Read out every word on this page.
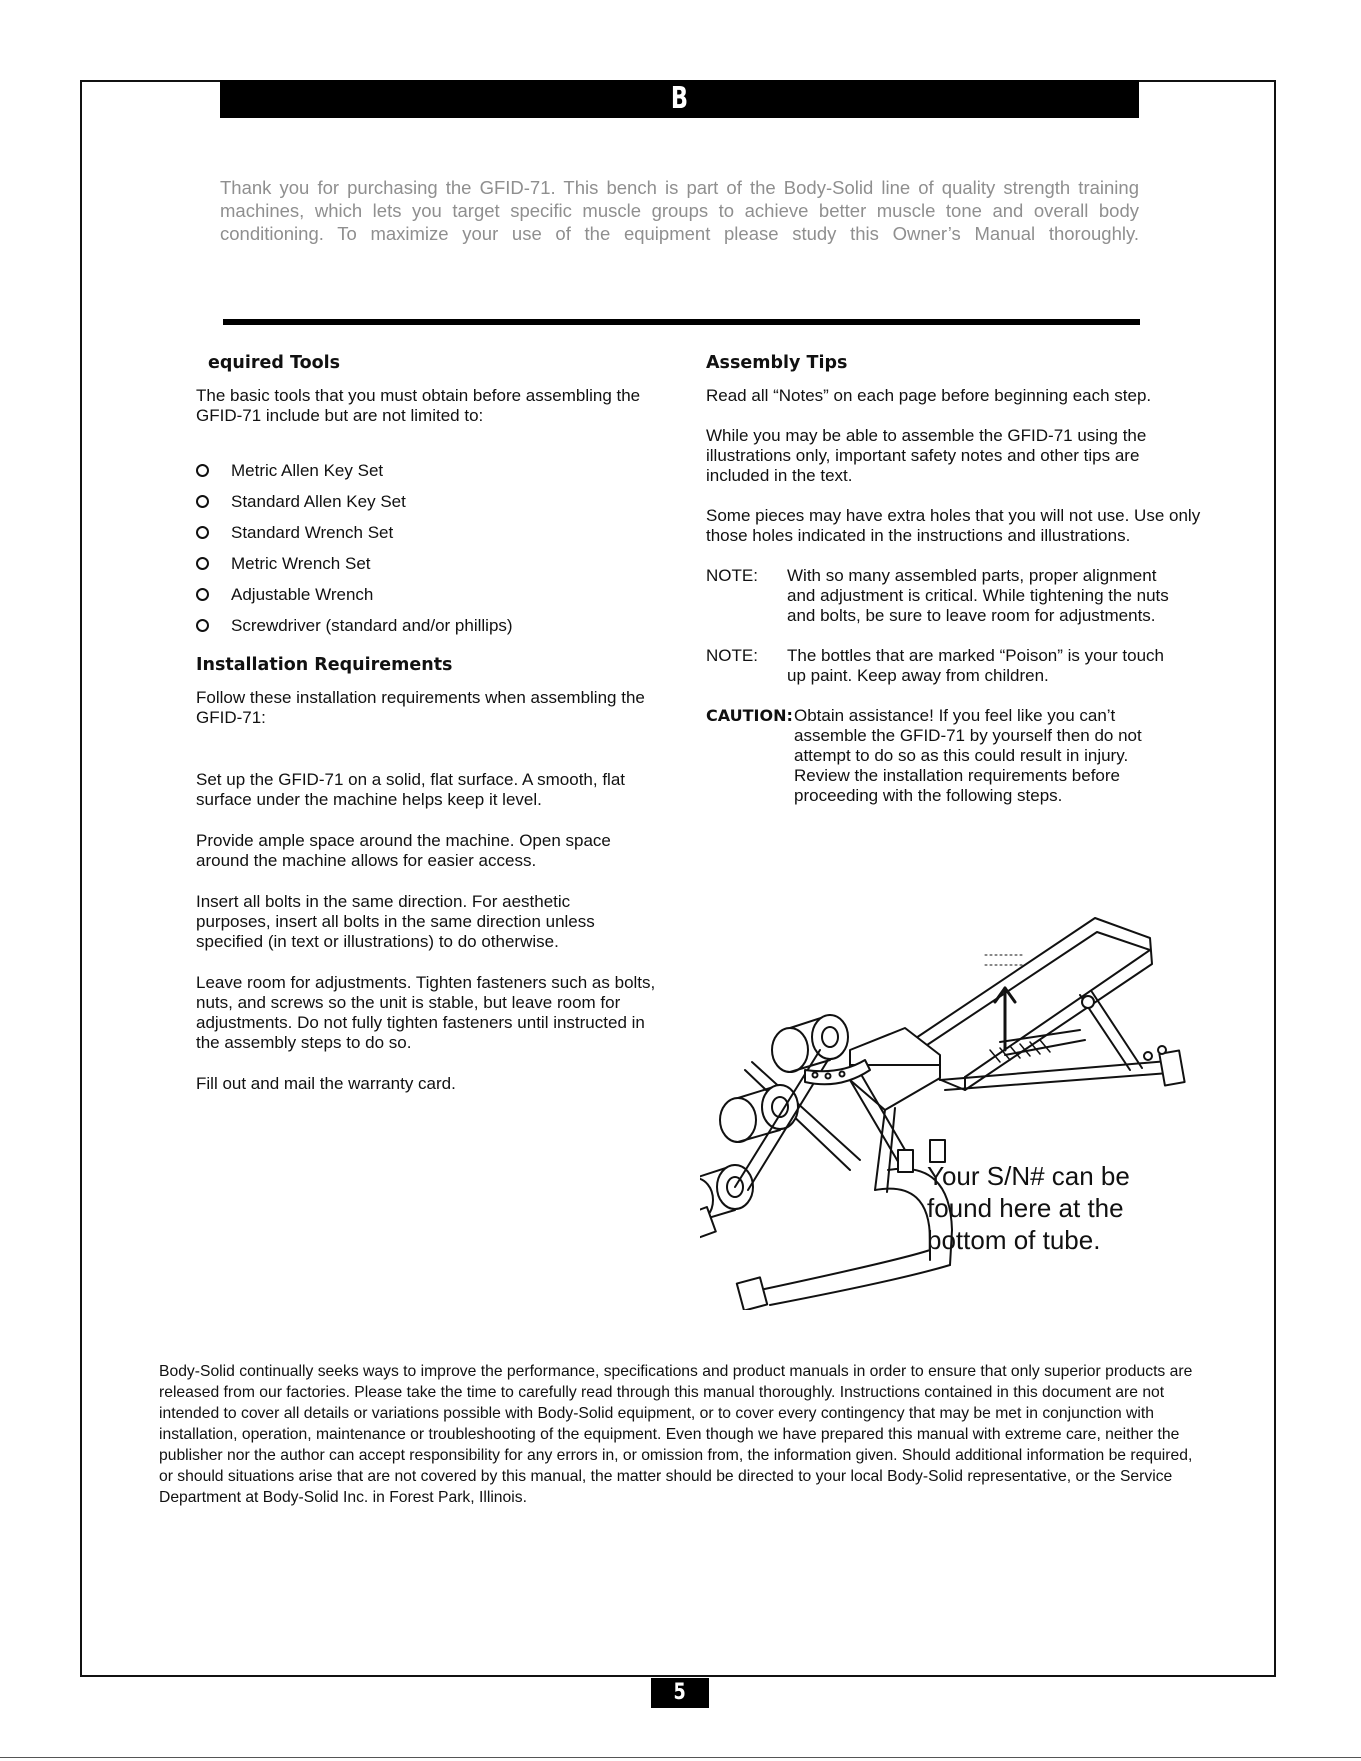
B

Thank you for purchasing the GFID-71. This bench is part of the Body-Solid line of quality strength training

machines, which lets you target specific muscle groups to achieve better muscle tone and overall body

conditioning. To maximize your use of the equipment please study this Owner’s Manual thoroughly.

equired Tools

The basic tools that you must obtain before assembling the GFID-71 include but are not limited to:

Metric Allen Key Set
Standard Allen Key Set
Standard Wrench Set
Metric Wrench Set
Adjustable Wrench
Screwdriver (standard and/or phillips)
Installation Requirements

Follow these installation requirements when assembling the GFID-71:

Set up the GFID-71 on a solid, flat surface. A smooth, flat surface under the machine helps keep it level.

Provide ample space around the machine. Open space around the machine allows for easier access.

Insert all bolts in the same direction. For aesthetic purposes, insert all bolts in the same direction unless specified (in text or illustrations) to do otherwise.

Leave room for adjustments. Tighten fasteners such as bolts, nuts, and screws so the unit is stable, but leave room for adjustments. Do not fully tighten fasteners until instructed in the assembly steps to do so.

Fill out and mail the warranty card.

Assembly Tips

Read all “Notes” on each page before beginning each step.

While you may be able to assemble the GFID-71 using the illustrations only, important safety notes and other tips are included in the text.

Some pieces may have extra holes that you will not use. Use only those holes indicated in the instructions and illustrations.

NOTE:	With so many assembled parts, proper alignment and adjustment is critical. While tightening the nuts and bolts, be sure to leave room for adjustments.
NOTE:	The bottles that are marked “Poison” is your touch up paint. Keep away from children.
CAUTION: Obtain assistance! If you feel like you can’t assemble the GFID-71 by yourself then do not attempt to do so as this could result in injury. Review the installation requirements before proceeding with the following steps.
Your S/N# can be
found here at the
bottom of tube.

Body-Solid continually seeks ways to improve the performance, specifications and product manuals in order to ensure that only superior products are released from our factories. Please take the time to carefully read through this manual thoroughly. Instructions contained in this document are not intended to cover all details or variations possible with Body-Solid equipment, or to cover every contingency that may be met in conjunction with installation, operation, maintenance or troubleshooting of the equipment. Even though we have prepared this manual with extreme care, neither the publisher nor the author can accept responsibility for any errors in, or omission from, the information given. Should additional information be required, or should situations arise that are not covered by this manual, the matter should be directed to your local Body-Solid representative, or the Service Department at Body-Solid Inc. in Forest Park, Illinois.

5
